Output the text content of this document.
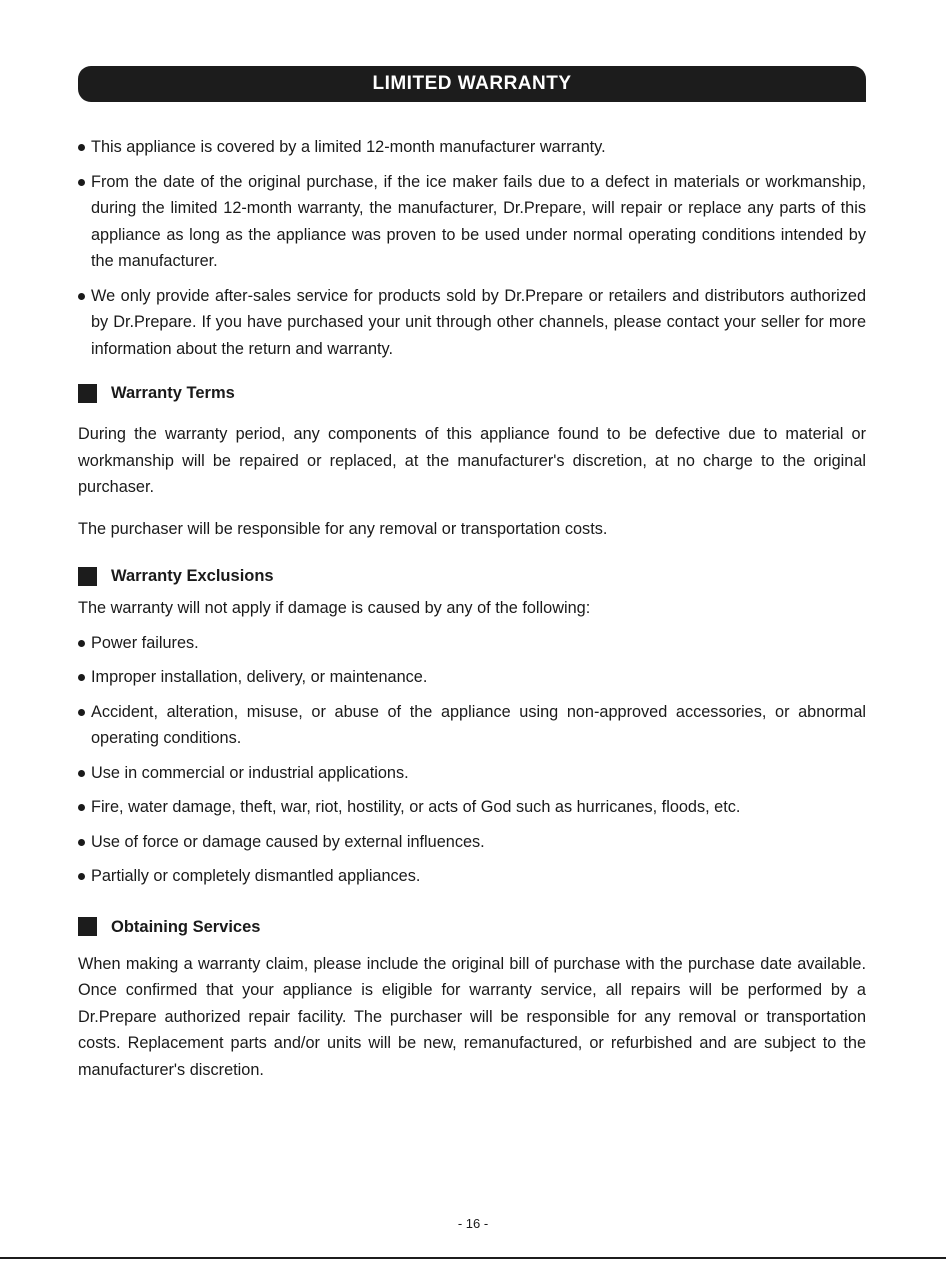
LIMITED WARRANTY
This appliance is covered by a limited 12-month manufacturer warranty.
From the date of the original purchase, if the ice maker fails due to a defect in materials or workmanship, during the limited 12-month warranty, the manufacturer, Dr.Prepare, will repair or replace any parts of this appliance as long as the appliance was proven to be used under normal operating conditions intended by the manufacturer.
We only provide after-sales service for products sold by Dr.Prepare or retailers and distributors authorized by Dr.Prepare. If you have purchased your unit through other channels, please contact your seller for more information about the return and warranty.
Warranty Terms

During the warranty period, any components of this appliance found to be defective due to material or workmanship will be repaired or replaced, at the manufacturer's discretion, at no charge to the original purchaser.

The purchaser will be responsible for any removal or transportation costs.

Warranty Exclusions

The warranty will not apply if damage is caused by any of the following:

Power failures.
Improper installation, delivery, or maintenance.
Accident, alteration, misuse, or abuse of the appliance using non-approved accessories, or abnormal operating conditions.
Use in commercial or industrial applications.
Fire, water damage, theft, war, riot, hostility, or acts of God such as hurricanes, floods, etc.
Use of force or damage caused by external influences.
Partially or completely dismantled appliances.
Obtaining Services

When making a warranty claim, please include the original bill of purchase with the purchase date available. Once confirmed that your appliance is eligible for warranty service, all repairs will be performed by a Dr.Prepare authorized repair facility. The purchaser will be responsible for any removal or transportation costs. Replacement parts and/or units will be new, remanufactured, or refurbished and are subject to the manufacturer's discretion.

- 16 -
